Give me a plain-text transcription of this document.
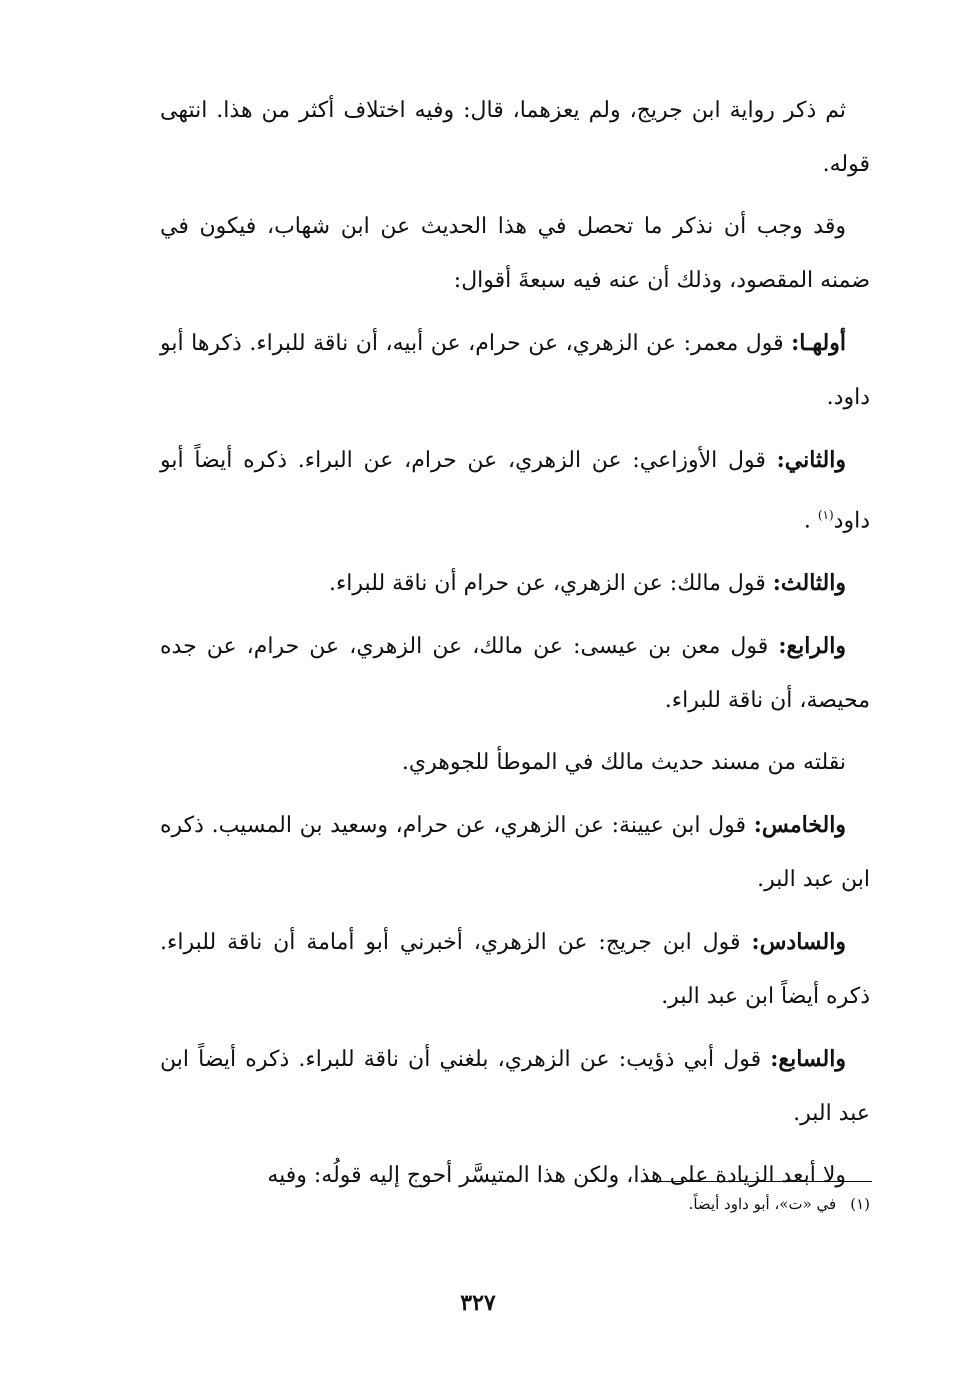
ثم ذكر رواية ابن جريج، ولم يعزهما، قال: وفيه اختلاف أكثر من هذا. انتهى قوله.

وقد وجب أن نذكر ما تحصل في هذا الحديث عن ابن شهاب، فيكون في ضمنه المقصود، وذلك أن عنه فيه سبعةَ أقوال:

أولهـا: قول معمر: عن الزهري، عن حرام، عن أبيه، أن ناقة للبراء. ذكرها أبو داود.

والثاني: قول الأوزاعي: عن الزهري، عن حرام، عن البراء. ذكره أيضاً أبو داود$^{(١)}$ .

والثالث: قول مالك: عن الزهري، عن حرام أن ناقة للبراء.

والرابع: قول معن بن عيسى: عن مالك، عن الزهري، عن حرام، عن جده محيصة، أن ناقة للبراء.

نقلته من مسند حديث مالك في الموطأ للجوهري.

والخامس: قول ابن عيينة: عن الزهري، عن حرام، وسعيد بن المسيب. ذكره ابن عبد البر.

والسادس: قول ابن جريج: عن الزهري، أخبرني أبو أمامة أن ناقة للبراء. ذكره أيضاً ابن عبد البر.

والسابع: قول أبي ذؤيب: عن الزهري، بلغني أن ناقة للبراء. ذكره أيضاً ابن عبد البر.

ولا أبعد الزيادة على هذا، ولكن هذا المتيسَّر أحوج إليه قولُه: وفيه

(١)في «ت»، أبو داود أيضاً.
٣٢٧
